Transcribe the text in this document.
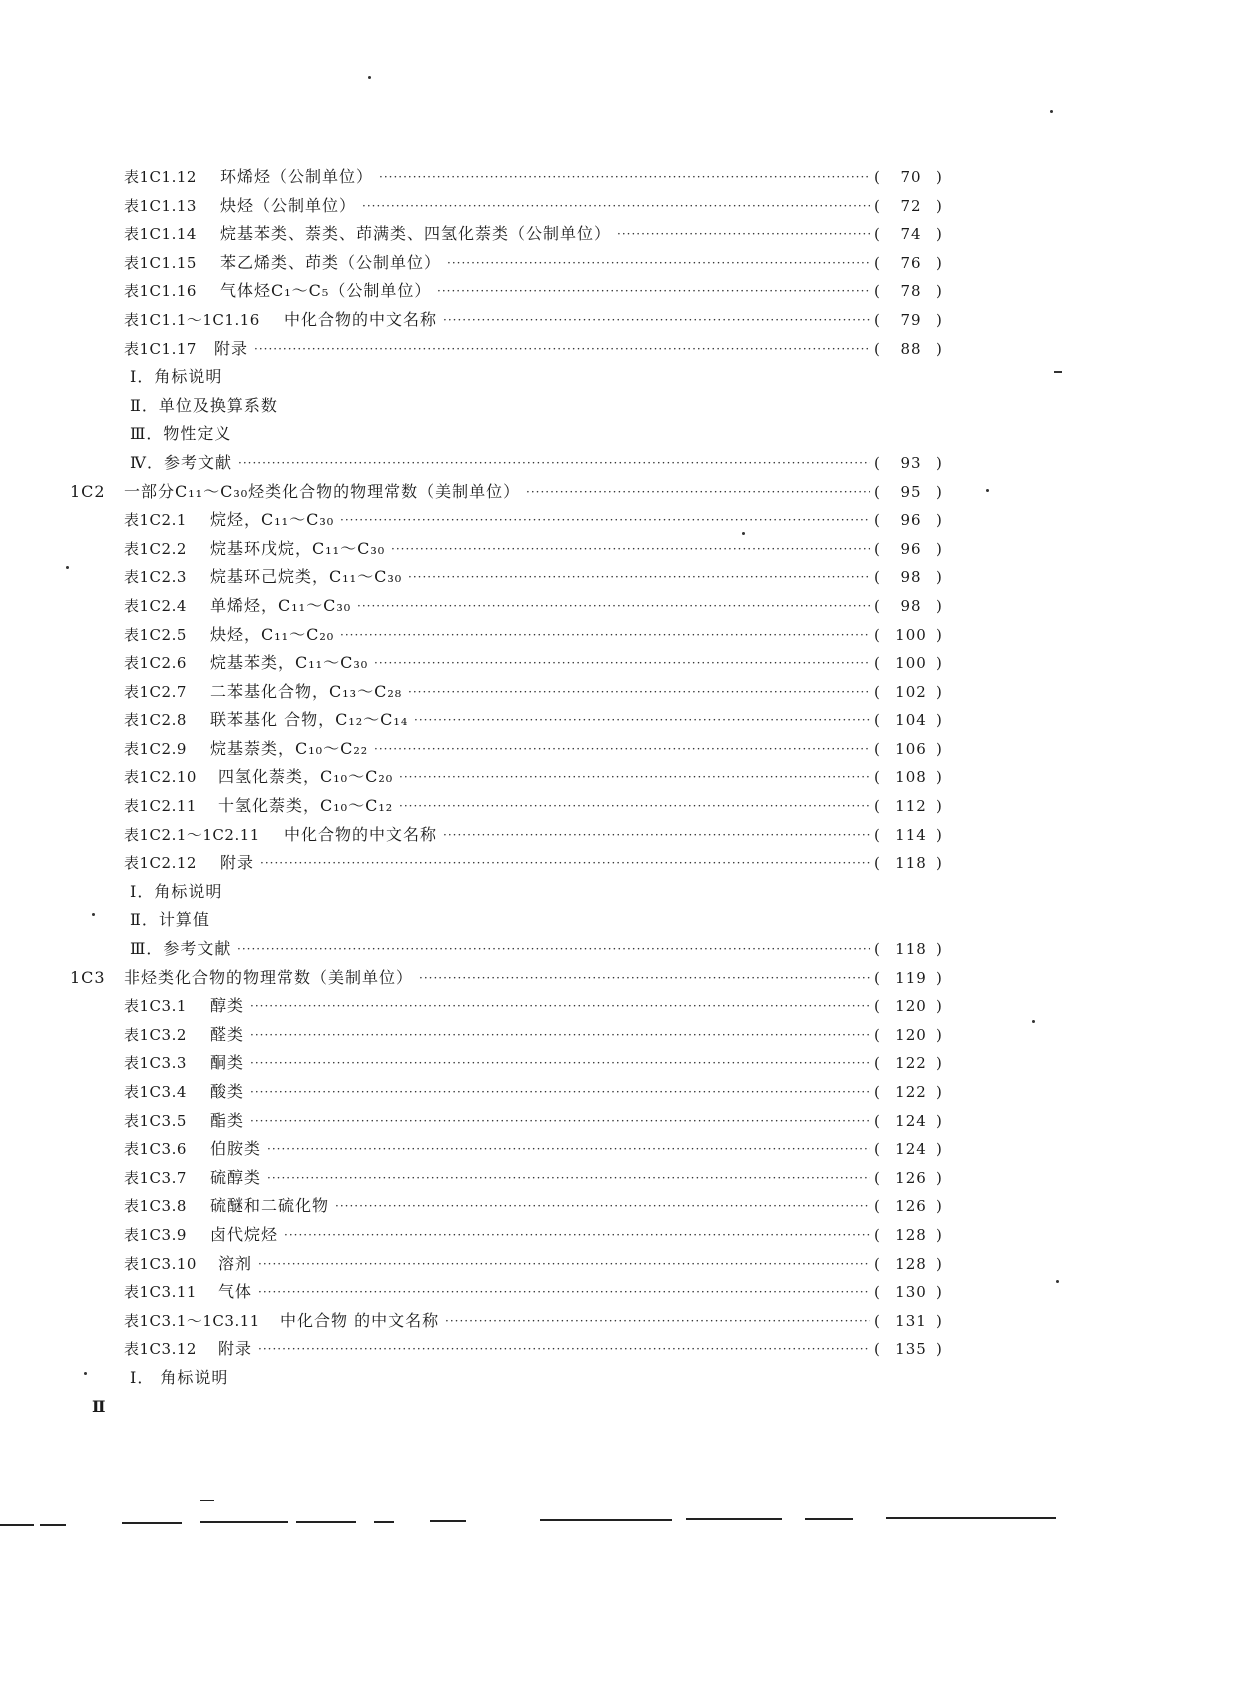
表1C1.12 环烯烃（公制单位） ·····	(	70 )
表1C1.13 炔烃（公制单位） ·····	(	72 )
表1C1.14 烷基苯类、萘类、茚满类、四氢化萘类（公制单位） ·····	(	74 )
表1C1.15 苯乙烯类、茚类（公制单位） ·····	(	76 )
表1C1.16 气体烃C₁～C₅（公制单位） ·····	(	78 )
表1C1.1～1C1.16 中化合物的中文名称 ·····	(	79 )
表1C1.17 附录 ·····	(	88 )
Ⅰ．角标说明
Ⅱ．单位及换算系数
Ⅲ．物性定义
Ⅳ．参考文献 ·····	(	93 )
1C2	一部分C₁₁～C₃₀烃类化合物的物理常数（美制单位） ·····	(	95 )
表1C2.1 烷烃，C₁₁～C₃₀ ·····	(	96 )
表1C2.2 烷基环戊烷，C₁₁～C₃₀ ·····	(	96 )
表1C2.3 烷基环己烷类，C₁₁～C₃₀ ·····	(	98 )
表1C2.4 单烯烃，C₁₁～C₃₀ ·····	(	98 )
表1C2.5 炔烃，C₁₁～C₂₀ ·····	( 100 )
表1C2.6 烷基苯类，C₁₁～C₃₀ ·····	( 100 )
表1C2.7 二苯基化合物，C₁₃～C₂₈ ·····	( 102 )
表1C2.8 联苯基化 合物，C₁₂～C₁₄ ·····	( 104 )
表1C2.9 烷基萘类，C₁₀～C₂₂ ·····	( 106 )
表1C2.10 四氢化萘类，C₁₀～C₂₀ ·····	( 108 )
表1C2.11 十氢化萘类，C₁₀～C₁₂ ·····	( 112 )
表1C2.1～1C2.11 中化合物的中文名称 ·····	( 114 )
表1C2.12 附录 ·····	( 118 )
Ⅰ．角标说明
Ⅱ．计算值
Ⅲ．参考文献 ·····	( 118 )
1C3	非烃类化合物的物理常数（美制单位） ·····	( 119 )
表1C3.1 醇类 ·····	( 120 )
表1C3.2 醛类 ·····	( 120 )
表1C3.3 酮类 ·····	( 122 )
表1C3.4 酸类 ·····	( 122 )
表1C3.5 酯类 ·····	( 124 )
表1C3.6 伯胺类 ·····	( 124 )
表1C3.7 硫醇类 ·····	( 126 )
表1C3.8 硫醚和二硫化物 ·····	( 126 )
表1C3.9 卤代烷烃 ·····	( 128 )
表1C3.10 溶剂 ·····	( 128 )
表1C3.11 气体 ·····	( 130 )
表1C3.1～1C3.11 中化合物 的中文名称 ·····	( 131 )
表1C3.12 附录 ·····	( 135 )
Ⅰ． 角标说明
Ⅱ
